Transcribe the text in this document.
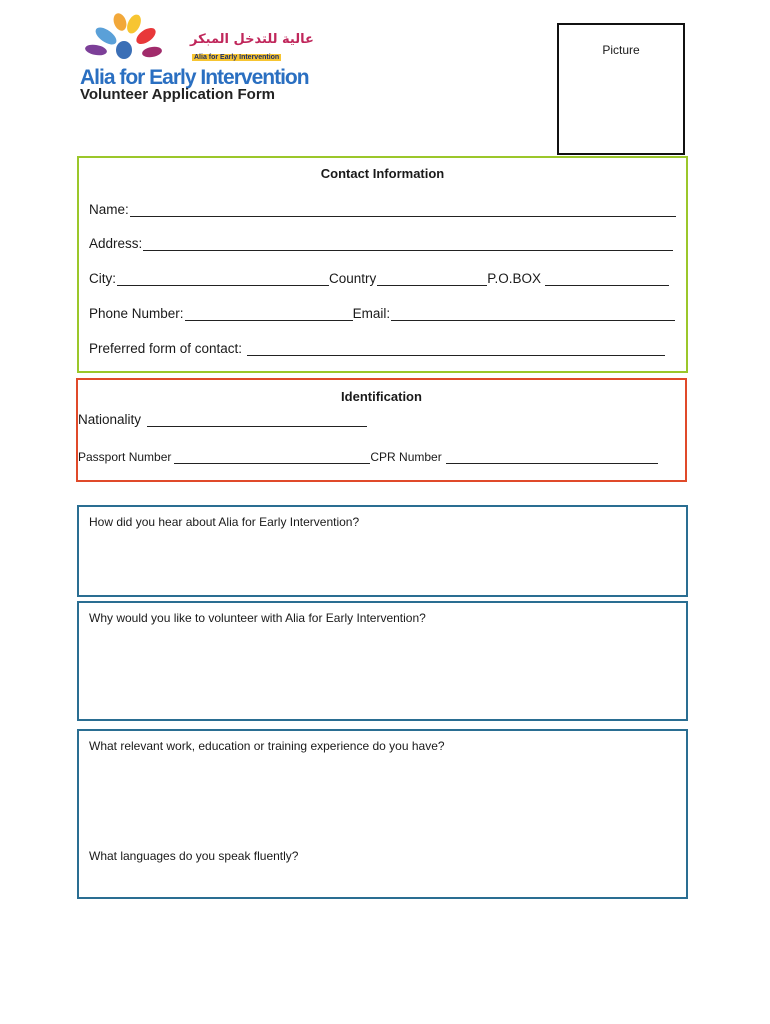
عالية للتدخل المبكر
Alia for Early Intervention
Alia for Early Intervention
Volunteer Application Form
Picture
Contact Information
Name:
Address:
City:	Country	P.O.BOX
Phone Number:	Email:
Preferred form of contact:
Identification
Nationality
Passport Number	CPR Number
How did you hear about Alia for Early Intervention?
Why would you like to volunteer with Alia for Early Intervention?
What relevant work, education or training experience do you have?
What languages do you speak fluently?
